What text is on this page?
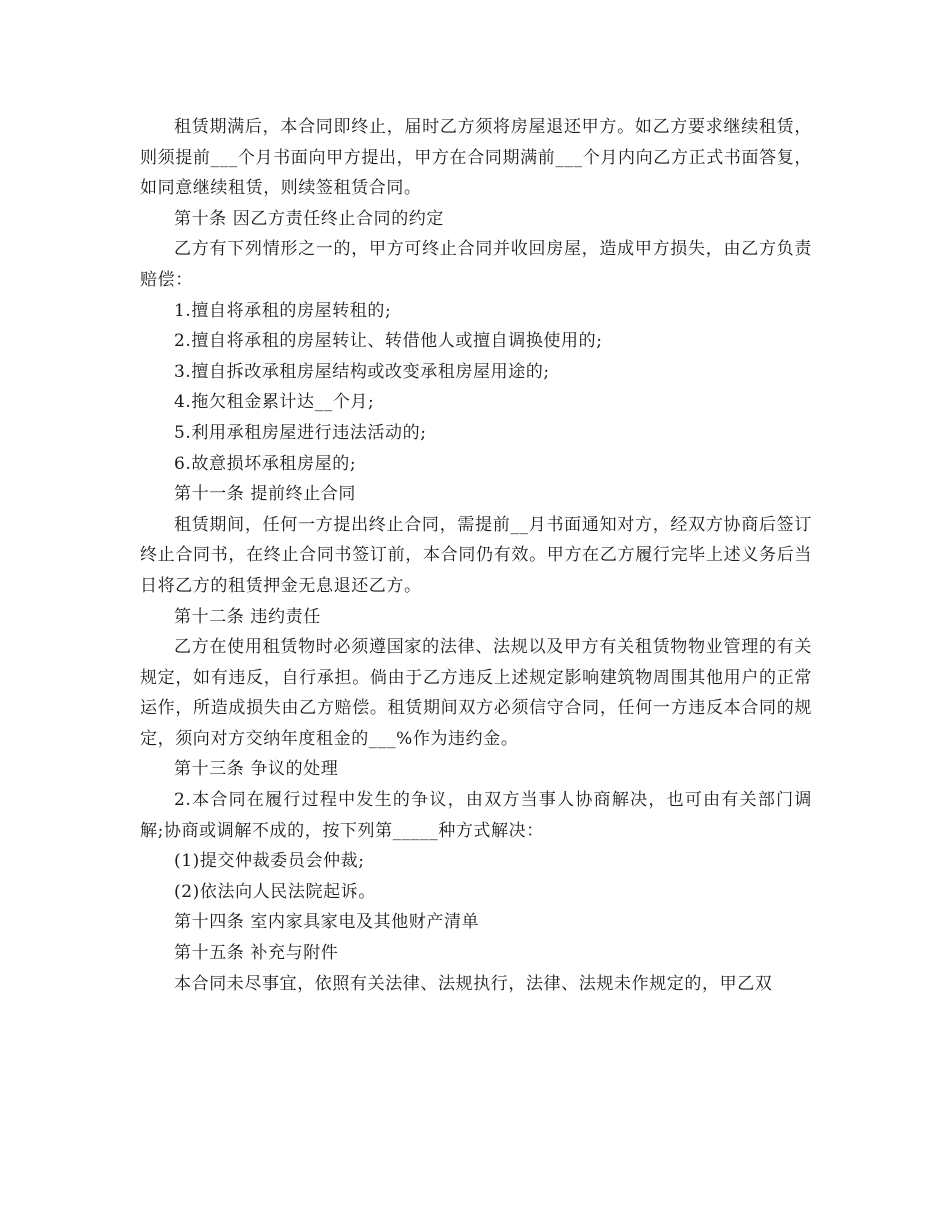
租赁期满后，本合同即终止，届时乙方须将房屋退还甲方。如乙方要求继续租赁，则须提前___个月书面向甲方提出，甲方在合同期满前___个月内向乙方正式书面答复，如同意继续租赁，则续签租赁合同。

第十条 因乙方责任终止合同的约定

乙方有下列情形之一的，甲方可终止合同并收回房屋，造成甲方损失，由乙方负责赔偿：

1.擅自将承租的房屋转租的;

2.擅自将承租的房屋转让、转借他人或擅自调换使用的;

3.擅自拆改承租房屋结构或改变承租房屋用途的;

4.拖欠租金累计达__个月;

5.利用承租房屋进行违法活动的;

6.故意损坏承租房屋的;

第十一条 提前终止合同

租赁期间，任何一方提出终止合同，需提前__月书面通知对方，经双方协商后签订终止合同书，在终止合同书签订前，本合同仍有效。甲方在乙方履行完毕上述义务后当日将乙方的租赁押金无息退还乙方。

第十二条 违约责任

乙方在使用租赁物时必须遵国家的法律、法规以及甲方有关租赁物物业管理的有关规定，如有违反，自行承担。倘由于乙方违反上述规定影响建筑物周围其他用户的正常运作，所造成损失由乙方赔偿。租赁期间双方必须信守合同，任何一方违反本合同的规定，须向对方交纳年度租金的___%作为违约金。

第十三条 争议的处理

2.本合同在履行过程中发生的争议，由双方当事人协商解决，也可由有关部门调解;协商或调解不成的，按下列第_____种方式解决：

(1)提交仲裁委员会仲裁;

(2)依法向人民法院起诉。

第十四条 室内家具家电及其他财产清单

第十五条 补充与附件

本合同未尽事宜，依照有关法律、法规执行，法律、法规未作规定的，甲乙双
